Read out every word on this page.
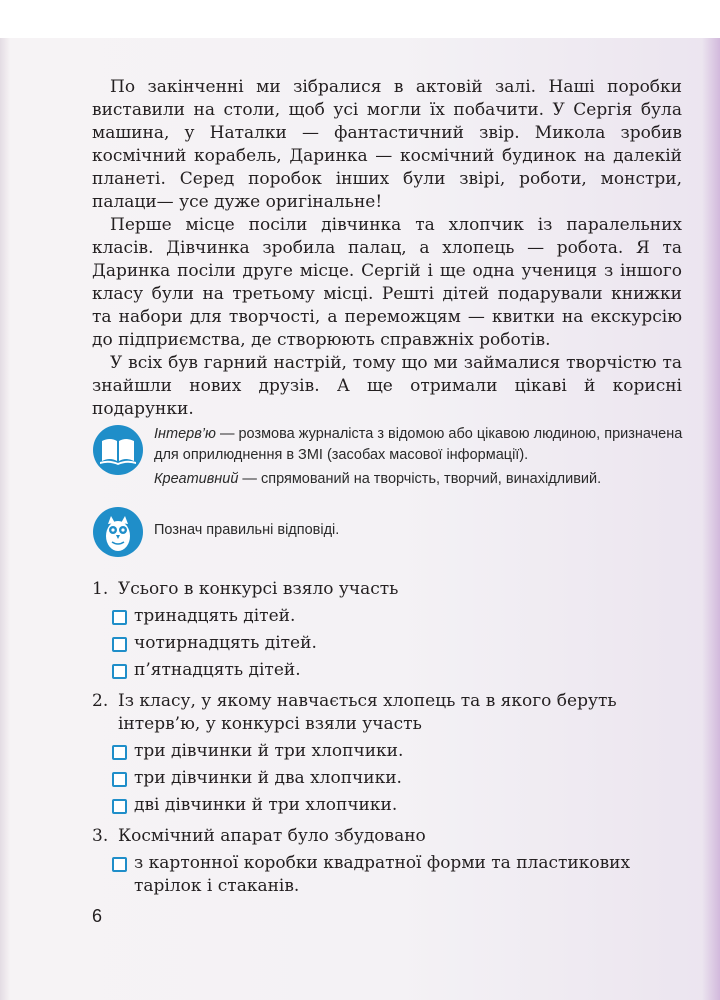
По закінченні ми зібралися в актовій залі. Наші поробки виставили на столи, щоб усі могли їх побачити. У Сергія була машина, у Наталки — фантастичний звір. Микола зробив космічний корабель, Даринка — космічний будинок на далекій планеті. Серед поробок інших були звірі, роботи, монстри, палаци— усе дуже оригінальне!

Перше місце посіли дівчинка та хлопчик із паралельних класів. Дівчинка зробила палац, а хлопець — робота. Я та Даринка посіли друге місце. Сергій і ще одна учениця з іншого класу були на третьому місці. Решті дітей подарували книжки та набори для творчості, а переможцям — квитки на екскурсію до підприємства, де створюють справжніх роботів.

У всіх був гарний настрій, тому що ми займалися творчістю та знайшли нових друзів. А ще отримали цікаві й корисні подарунки.

Інтерв’ю — розмова журналіста з відомою або цікавою людиною, призначена для оприлюднення в ЗМІ (засобах масової інформації).

Креативний — спрямований на творчість, творчий, винахідливий.

Познач правильні відповіді.
1. Усього в конкурсі взяло участь
тринадцять дітей.
чотирнадцять дітей.
п’ятнадцять дітей.
2. Із класу, у якому навчається хлопець та в якого беруть інтерв’ю, у конкурсі взяли участь
три дівчинки й три хлопчики.
три дівчинки й два хлопчики.
дві дівчинки й три хлопчики.
3. Космічний апарат було збудовано
з картонної коробки квадратної форми та пластикових тарілок і стаканів.
6
